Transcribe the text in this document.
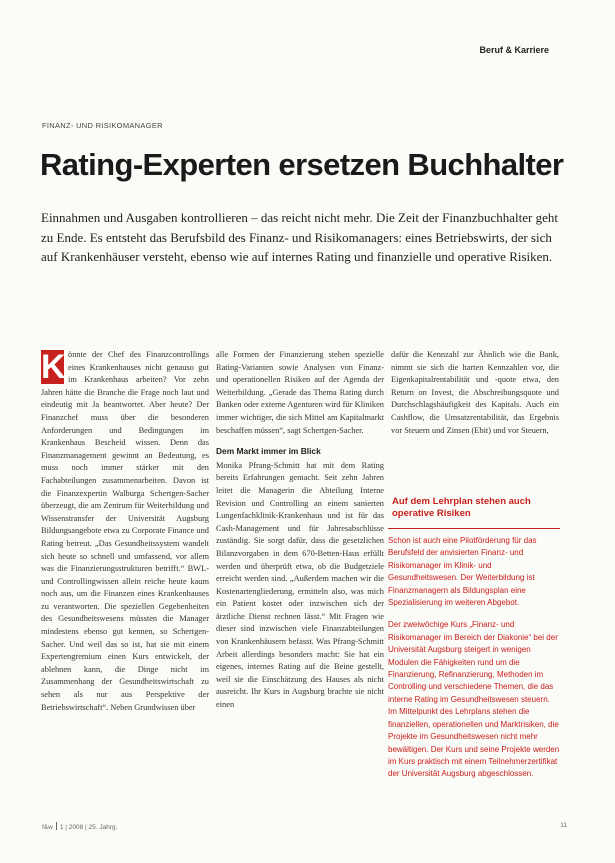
Beruf & Karriere
FINANZ- UND RISIKOMANAGER
Rating-Experten ersetzen Buchhalter

Einnahmen und Ausgaben kontrollieren – das reicht nicht mehr. Die Zeit der Finanzbuchhalter geht zu Ende. Es entsteht das Berufsbild des Finanz- und Risikomanagers: eines Betriebswirts, der sich auf Krankenhäuser versteht, ebenso wie auf internes Rating und finanzielle und operative Risiken.

K önnte der Chef des Finanzcontrollings eines Krankenhauses nicht genauso gut im Krankenhaus arbeiten? Vor zehn Jahren hätte die Branche die Frage noch laut und eindeutig mit Ja beantwortet. Aber heute? Der Finanzchef muss über die besonderen Anforderungen und Bedingungen im Krankenhaus Bescheid wissen. Denn das Finanzmanagement gewinnt an Bedeutung, es muss noch immer stärker mit den Fachabteilungen zusammenarbeiten. Davon ist die Finanzexpertin Walburga Schertgen-Sacher überzeugt, die am Zentrum für Weiterbildung und Wissenstransfer der Universität Augsburg Bildungsangebote etwa zu Corporate Finance und Rating betreut. „Das Gesundheitssystem wandelt sich heute so schnell und umfassend, vor allem was die Finanzierungsstrukturen betrifft.“ BWL- und Controllingwissen allein reiche heute kaum noch aus, um die Finanzen eines Krankenhauses zu verantworten. Die speziellen Gegebenheiten des Gesundheitswesens müssten die Manager mindestens ebenso gut kennen, so Schertgen-Sacher. Und weil das so ist, hat sie mit einem Expertengremium einen Kurs entwickelt, der ablehnen kann, die Dinge nicht im Zusammenhang der Gesundheitswirtschaft zu sehen als nur aus Perspektive der Betriebswirtschaft“. Neben Grundwissen über

alle Formen der Finanzierung stehen spezielle Rating-Varianten sowie Analysen von Finanz- und operationellen Risiken auf der Agenda der Weiterbildung. „Gerade das Thema Rating durch Banken oder externe Agenturen wird für Kliniken immer wichtiger, die sich Mittel am Kapitalmarkt beschaffen müssen“, sagt Schertgen-Sacher.

Dem Markt immer im Blick

Monika Pfrang-Schmitt hat mit dem Rating bereits Erfahrungen gemacht. Seit zehn Jahren leitet die Managerin die Abteilung Interne Revision und Controlling an einem sanierten Lungenfachklinik-Krankenhaus und ist für das Cash-Management und für Jahresabschlüsse zuständig. Sie sorgt dafür, dass die gesetzlichen Bilanzvorgaben in dem 670-Betten-Haus erfüllt werden und überprüft etwa, ob die Budgetziele erreicht werden sind. „Außerdem machen wir die Kostenartengliederung, ermitteln also, was mich ein Patient kostet oder inzwischen sich der ärztliche Dienst rechnen lässt.“ Mit Fragen wie dieser sind inzwischen viele Finanzabteilungen von Krankenhäusern befasst. Was Pfrang-Schmitt Arbeit allerdings besonders macht: Sie hat ein eigenes, internes Rating auf die Beine gestellt, weil sie die Einschätzung des Hauses als nicht ausreicht. Ihr Kurs in Augsburg brachte sie nicht einen

dafür die Kennzahl zur Ähnlich wie die Bank, nimmt sie sich die harten Kennzahlen vor, die Eigenkapitalrentabilität und -quote etwa, den Return on Invest, die Abschreibungsquote und Durchschlagshäufigkeit des Kapitals. Auch ein Cashflow, die Umsatzrentabilität, das Ergebnis vor Steuern und Zinsen (Ebit) und vor Steuern,

Auf dem Lehrplan stehen auch operative Risiken

Schon ist auch eine Pilotförderung für das Berufsfeld der anvisierten Finanz- und Risikomanager im Klinik- und Gesundheitswesen. Der Weiterbildung ist Finanzmanagern als Bildungsplan eine Spezialisierung im weiteren Abgebot.

Der zweiwöchige Kurs „Finanz- und Risikomanager im Bereich der Diakonie“ bei der Universität Augsburg steigert in wenigen Modulen die Fähigkeiten rund um die Finanzierung, Refinanzierung, Methoden im Controlling und verschiedene Themen, die das interne Rating im Gesundheitswesen steuern. Im Mittelpunkt des Lehrplans stehen die finanziellen, operationellen und Marktrisiken, die Projekte im Gesundheitswesen nicht mehr bewältigen. Der Kurs und seine Projekte werden im Kurs praktisch mit einem Teilnehmerzertifikat der Universität Augsburg abgeschlossen.

f&w 1 | 2008 | 25. Jahrg.	11
